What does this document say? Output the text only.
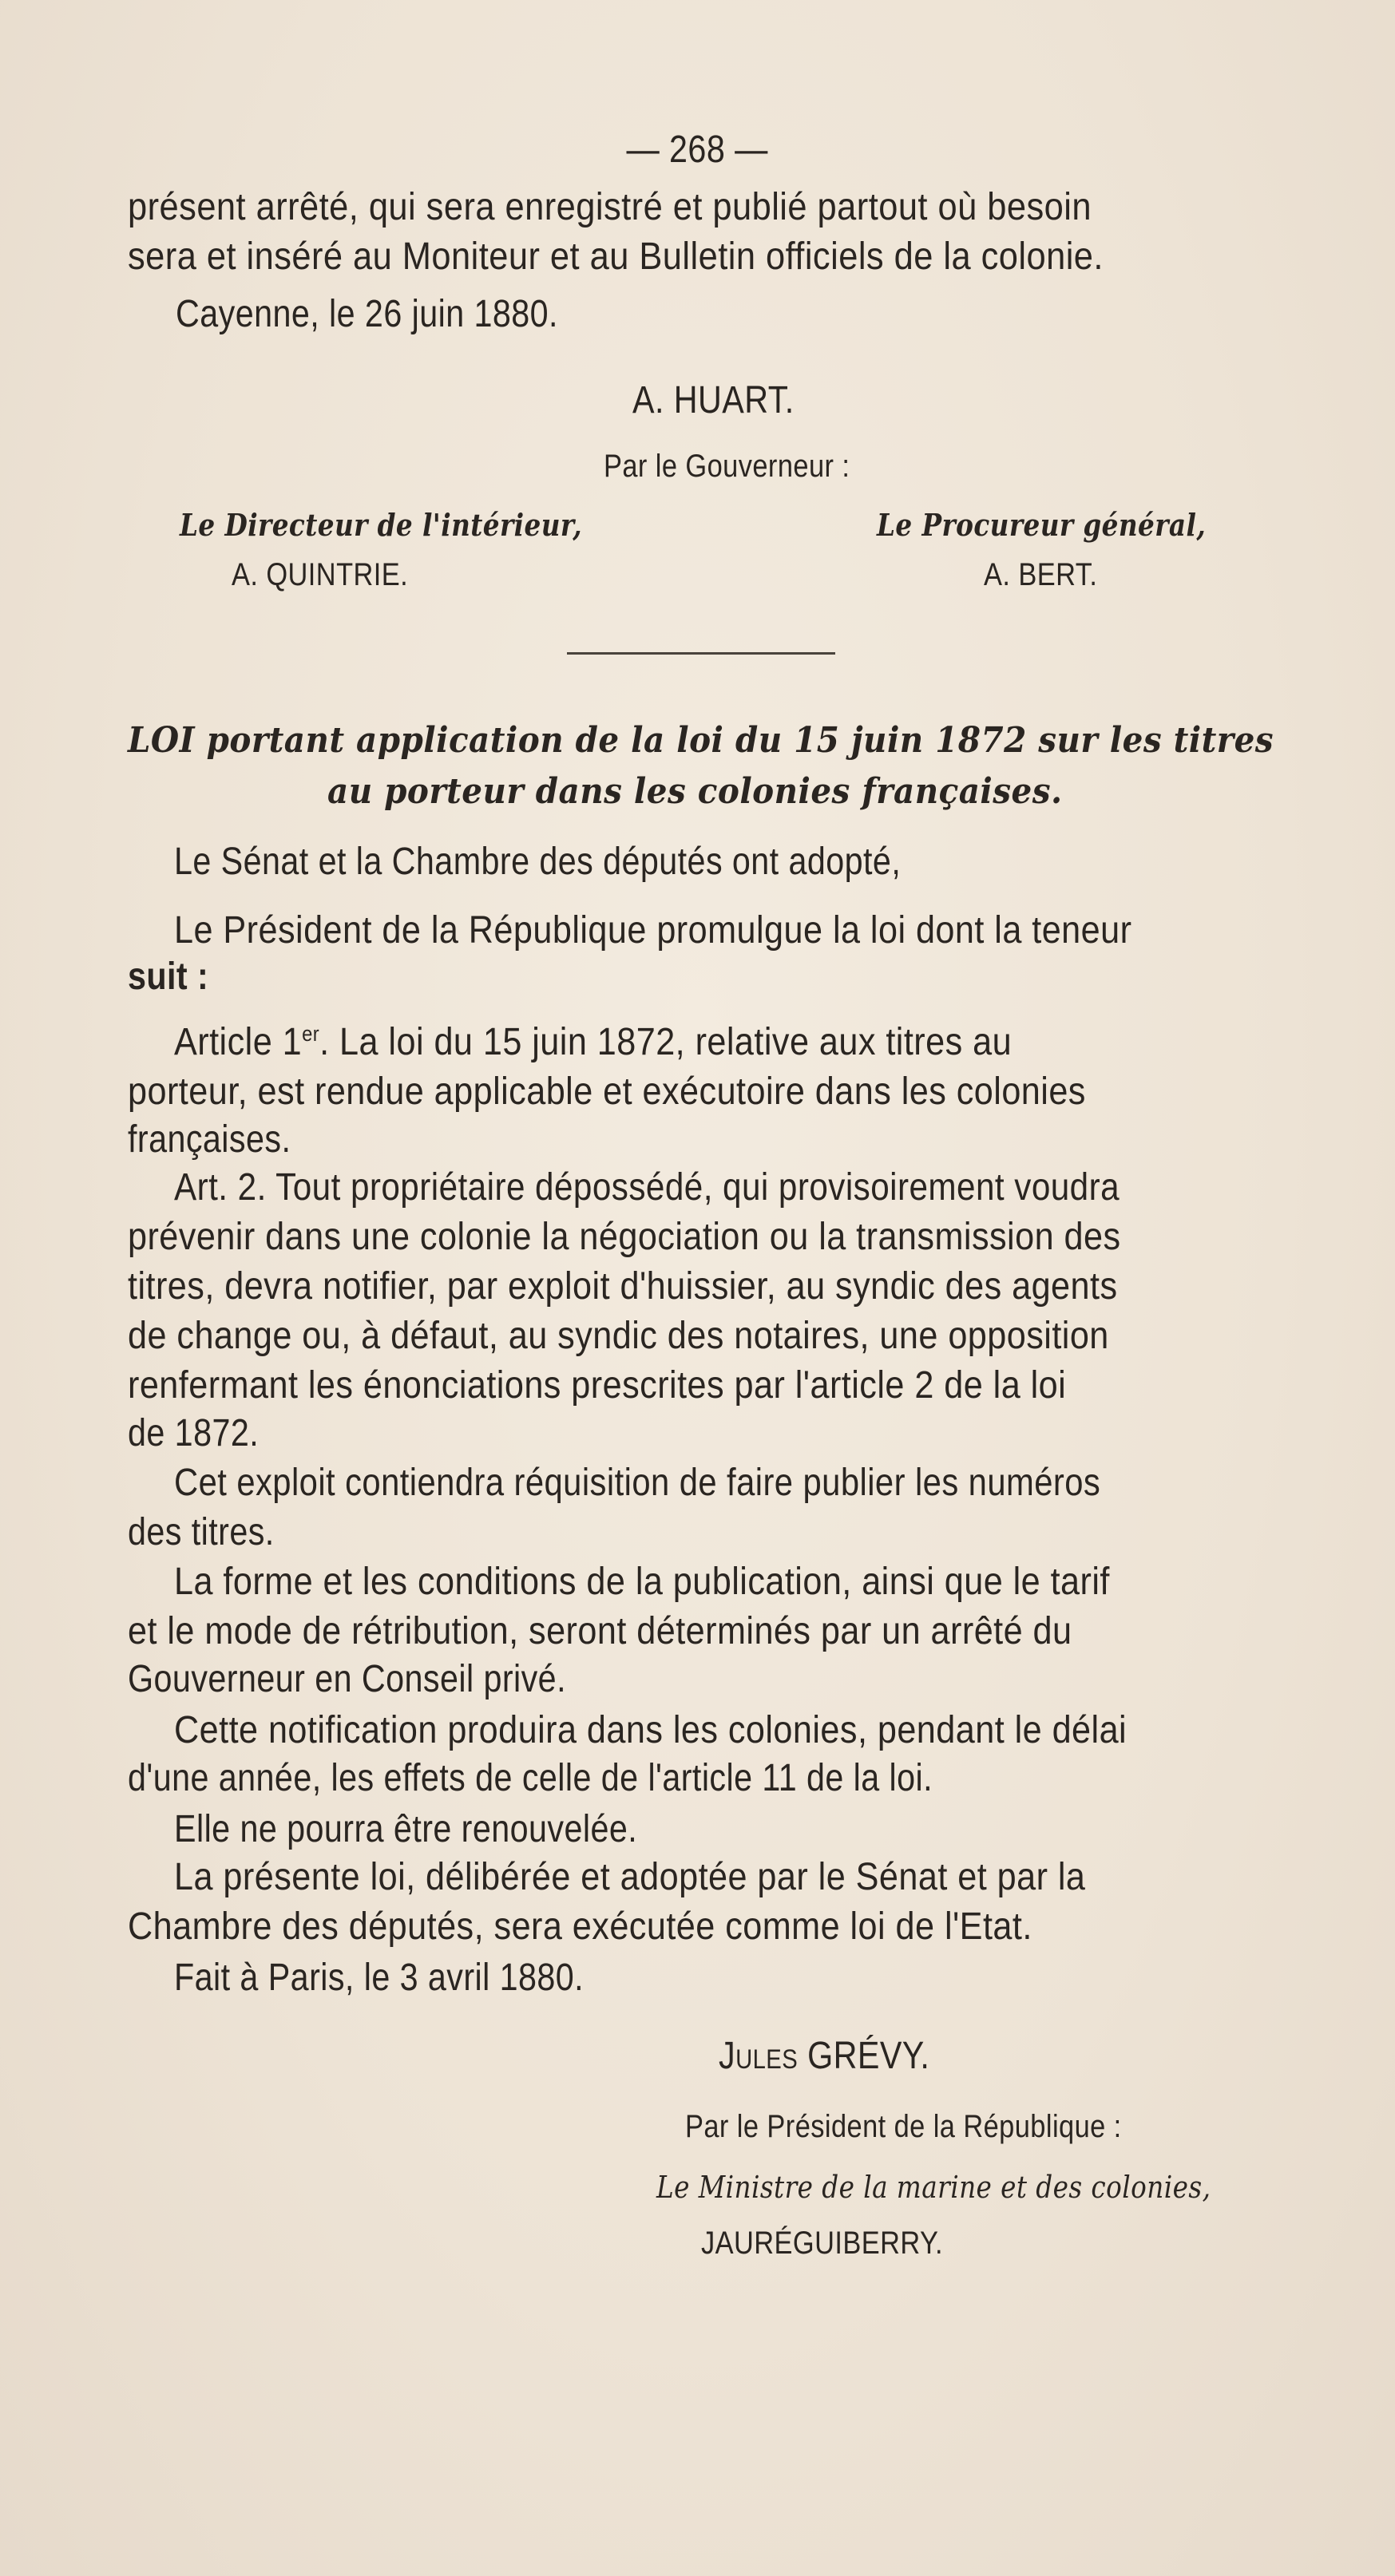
— 268 —
présent arrêté, qui sera enregistré et publié partout où besoin
sera et inséré au Moniteur et au Bulletin officiels de la colonie.
Cayenne, le 26 juin 1880.
A. HUART.
Par le Gouverneur :
Le Directeur de l'intérieur,
A. QUINTRIE.
Le Procureur général,
A. BERT.
LOI portant application de la loi du 15 juin 1872 sur les titres
au porteur dans les colonies françaises.
Le Sénat et la Chambre des députés ont adopté,
Le Président de la République promulgue la loi dont la teneur
suit :
Article 1er. La loi du 15 juin 1872, relative aux titres au
porteur, est rendue applicable et exécutoire dans les colonies
françaises.
Art. 2. Tout propriétaire dépossédé, qui provisoirement voudra
prévenir dans une colonie la négociation ou la transmission des
titres, devra notifier, par exploit d'huissier, au syndic des agents
de change ou, à défaut, au syndic des notaires, une opposition
renfermant les énonciations prescrites par l'article 2 de la loi
de 1872.
Cet exploit contiendra réquisition de faire publier les numéros
des titres.
La forme et les conditions de la publication, ainsi que le tarif
et le mode de rétribution, seront déterminés par un arrêté du
Gouverneur en Conseil privé.
Cette notification produira dans les colonies, pendant le délai
d'une année, les effets de celle de l'article 11 de la loi.
Elle ne pourra être renouvelée.
La présente loi, délibérée et adoptée par le Sénat et par la
Chambre des députés, sera exécutée comme loi de l'Etat.
Fait à Paris, le 3 avril 1880.
Jules GRÉVY.
Par le Président de la République :
Le Ministre de la marine et des colonies,
JAURÉGUIBERRY.
